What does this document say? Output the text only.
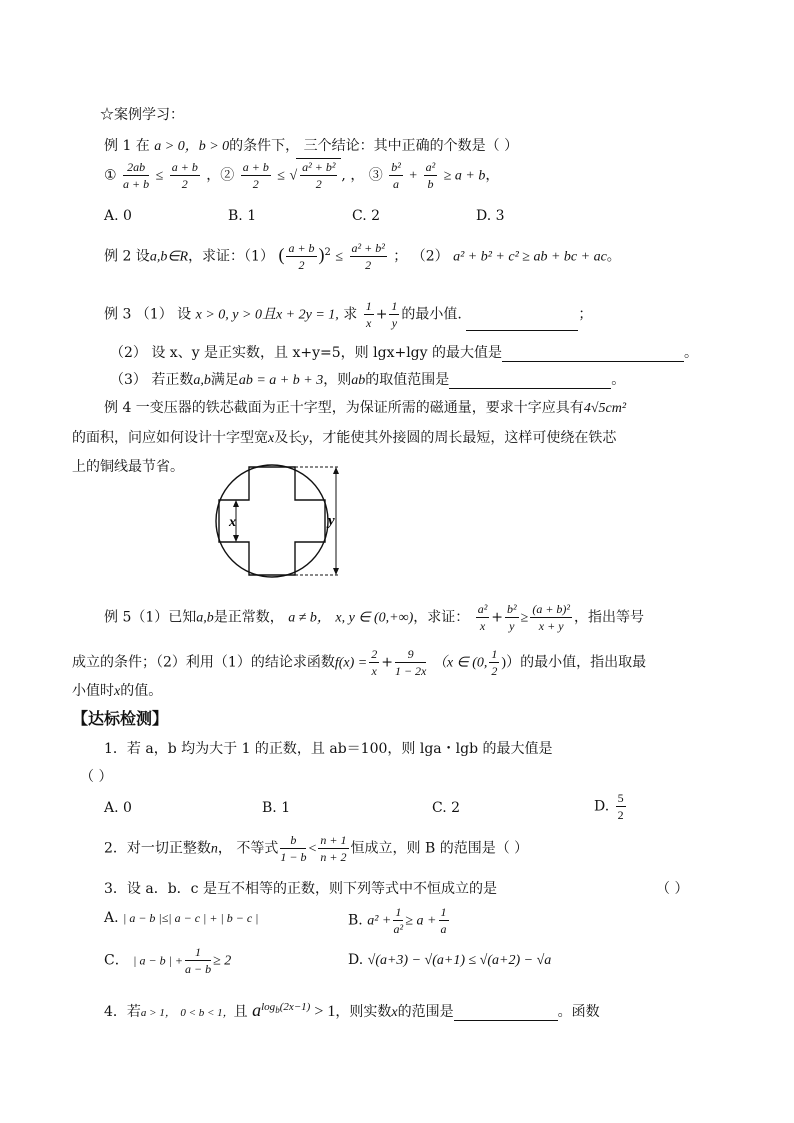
☆案例学习：
例 1 在 a > 0，b > 0的条件下， 三个结论：其中正确的个数是（ ）
① $\frac{2ab}{a + b} \le \frac{a + b}{2}$ ，② $\frac{a + b}{2}$ ≤ √ $\frac{\text{a² + b²}}{2}$ , ， ③ $\frac{\text{b²}}{a} + \frac{\text{a²}}{b} \ge a + b$，
A. 0	B. 1	C. 2	D. 3
例 2 设a,b∈R，求证：（1） ( $\frac{a + b}{2} )^2 \le \frac{\text{a² + b²}}{2}$ ； （2） a² + b² + c² ≥ ab + bc + ac。
例 3 （1） 设 x > 0, y > 0且x + 2y = 1, 求 $\frac{1}{x} + \frac{1}{y}$ 的最小值.	；
（2） 设 x、y 是正实数，且 x+y=5，则 lgx+lgy 的最大值是	。
（3） 若正数a,b满足ab = a + b + 3，则ab的取值范围是	。
例 4 一变压器的铁芯截面为正十字型，为保证所需的磁通量，要求十字应具有4√5cm²
的面积，问应如何设计十字型宽x及长y，才能使其外接圆的周长最短，这样可使绕在铁芯
上的铜线最节省。
x	y
例 5（1）已知a,b是正常数， a ≠ b， x, y ∈ (0,+∞)，求证： $\frac{\text{a²}}{x} + \frac{\text{b²}}{y} \ge \frac{\text{(a + b)²}}{x + y}$ ，指出等号
成立的条件；（2）利用（1）的结论求函数$f(x) = \frac{2}{x} + \frac{9}{1 - 2x} (x$ ∈ (0, $\frac{1}{2}$ )）的最小值，指出取最
小值时x的值。
【达标检测】
1．若 a，b 均为大于 1 的正数，且 ab＝100，则 lga・lgb 的最大值是
（ ）
A. 0	B. 1	C. 2	D. $\frac{5}{2}$
2．对一切正整数n， 不等式 $\frac{b}{1 - b} < \frac{n + 1}{n + 2}$ 恒成立，则 B 的范围是（ ）
3．设 a．b．c 是互不相等的正数，则下列等式中不恒成立的是	（ ）
A. | a − b |≤| a − c | + | b − c |	B. $a^2 + \frac{1}{\text{a²}} \ge a + \frac{1}{a}$
C． | a − b | + $\frac{1}{a - b} \ge 2$	D. √(a+3) − √(a+1) ≤ √(a+2) − √a
4．若a > 1， 0 < b < 1，且 $a^{log_b(2x-1)} > 1$，则实数x的范围是	。函数
